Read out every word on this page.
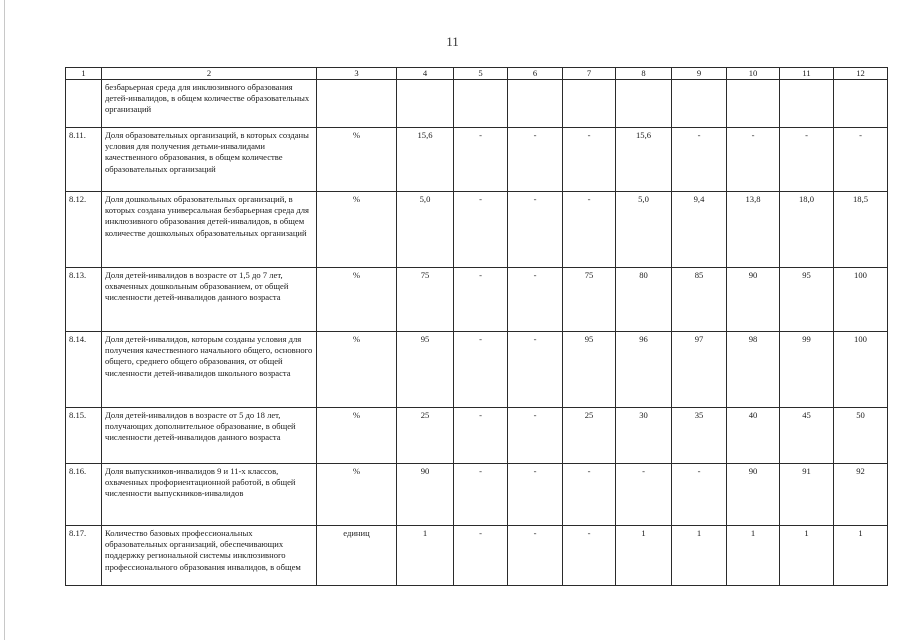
11
1	2	3	4	5	6	7	8	9	10	11	12
	безбарьерная среда для инклюзивного образования детей-инвалидов, в общем количестве образовательных организаций										
8.11.	Доля образовательных организаций, в которых созданы условия для получения детьми-инвалидами качественного образования, в общем количестве образовательных организаций	%	15,6	-	-	-	15,6	-	-	-	-
8.12.	Доля дошкольных образовательных организаций, в которых создана универсальная безбарьерная среда для инклюзивного образования детей-инвалидов, в общем количестве дошкольных образовательных организаций	%	5,0	-	-	-	5,0	9,4	13,8	18,0	18,5
8.13.	Доля детей-инвалидов в возрасте от 1,5 до 7 лет, охваченных дошкольным образованием, от общей численности детей-инвалидов данного возраста	%	75	-	-	75	80	85	90	95	100
8.14.	Доля детей-инвалидов, которым созданы условия для получения качественного начального общего, основного общего, среднего общего образования, от общей численности детей-инвалидов школьного возраста	%	95	-	-	95	96	97	98	99	100
8.15.	Доля детей-инвалидов в возрасте от 5 до 18 лет, получающих дополнительное образование, в общей численности детей-инвалидов данного возраста	%	25	-	-	25	30	35	40	45	50
8.16.	Доля выпускников-инвалидов 9 и 11-х классов, охваченных профориентационной работой, в общей численности выпускников-инвалидов	%	90	-	-	-	-	-	90	91	92
8.17.	Количество базовых профессиональных образовательных организаций, обеспечивающих поддержку региональной системы инклюзивного профессионального образования инвалидов, в общем	единиц	1	-	-	-	1	1	1	1	1
